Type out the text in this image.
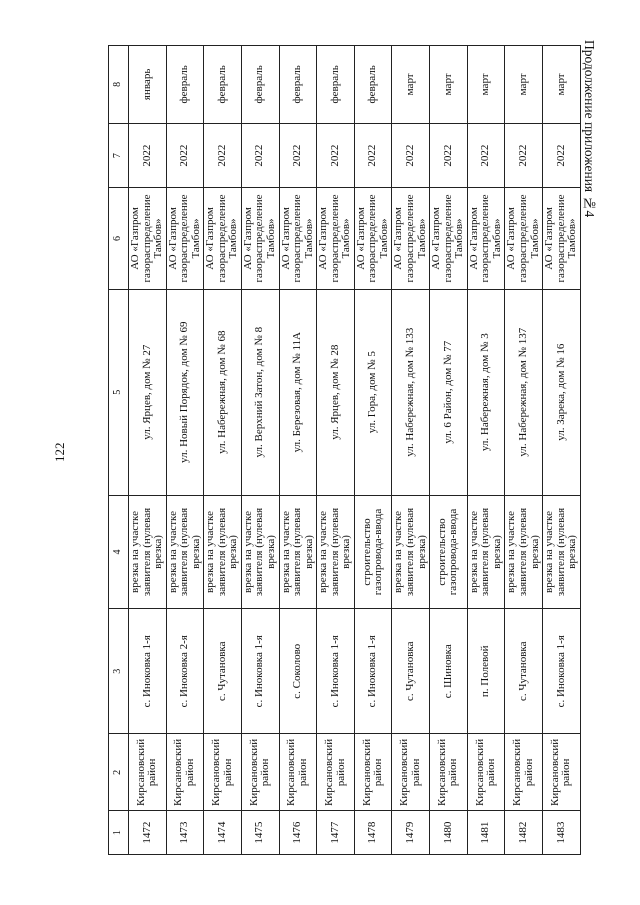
122
Продолжение приложения №4
1	2	3	4	5	6	7	8
1472	Кирсановский район	с. Иноковка 1-я	врезка на участке заявителя (нулевая врезка)	ул. Ярцев, дом № 27	АО «Газпром газораспределение Тамбов»	2022	январь
1473	Кирсановский район	с. Иноковка 2-я	врезка на участке заявителя (нулевая врезка)	ул. Новый Порядок, дом № 69	АО «Газпром газораспределение Тамбов»	2022	февраль
1474	Кирсановский район	с. Чутановка	врезка на участке заявителя (нулевая врезка)	ул. Набережная, дом № 68	АО «Газпром газораспределение Тамбов»	2022	февраль
1475	Кирсановский район	с. Иноковка 1-я	врезка на участке заявителя (нулевая врезка)	ул. Верхний Затон, дом № 8	АО «Газпром газораспределение Тамбов»	2022	февраль
1476	Кирсановский район	с. Соколово	врезка на участке заявителя (нулевая врезка)	ул. Березовая, дом № 11А	АО «Газпром газораспределение Тамбов»	2022	февраль
1477	Кирсановский район	с. Иноковка 1-я	врезка на участке заявителя (нулевая врезка)	ул. Ярцев, дом № 28	АО «Газпром газораспределение Тамбов»	2022	февраль
1478	Кирсановский район	с. Иноковка 1-я	строительство газопровода-ввода	ул. Гора, дом № 5	АО «Газпром газораспределение Тамбов»	2022	февраль
1479	Кирсановский район	с. Чутановка	врезка на участке заявителя (нулевая врезка)	ул. Набережная, дом № 133	АО «Газпром газораспределение Тамбов»	2022	март
1480	Кирсановский район	с. Шиновка	строительство газопровода-ввода	ул. 6 Район, дом № 77	АО «Газпром газораспределение Тамбов»	2022	март
1481	Кирсановский район	п. Полевой	врезка на участке заявителя (нулевая врезка)	ул. Набережная, дом № 3	АО «Газпром газораспределение Тамбов»	2022	март
1482	Кирсановский район	с. Чутановка	врезка на участке заявителя (нулевая врезка)	ул. Набережная, дом № 137	АО «Газпром газораспределение Тамбов»	2022	март
1483	Кирсановский район	с. Иноковка 1-я	врезка на участке заявителя (нулевая врезка)	ул. Зарека, дом № 16	АО «Газпром газораспределение Тамбов»	2022	март
